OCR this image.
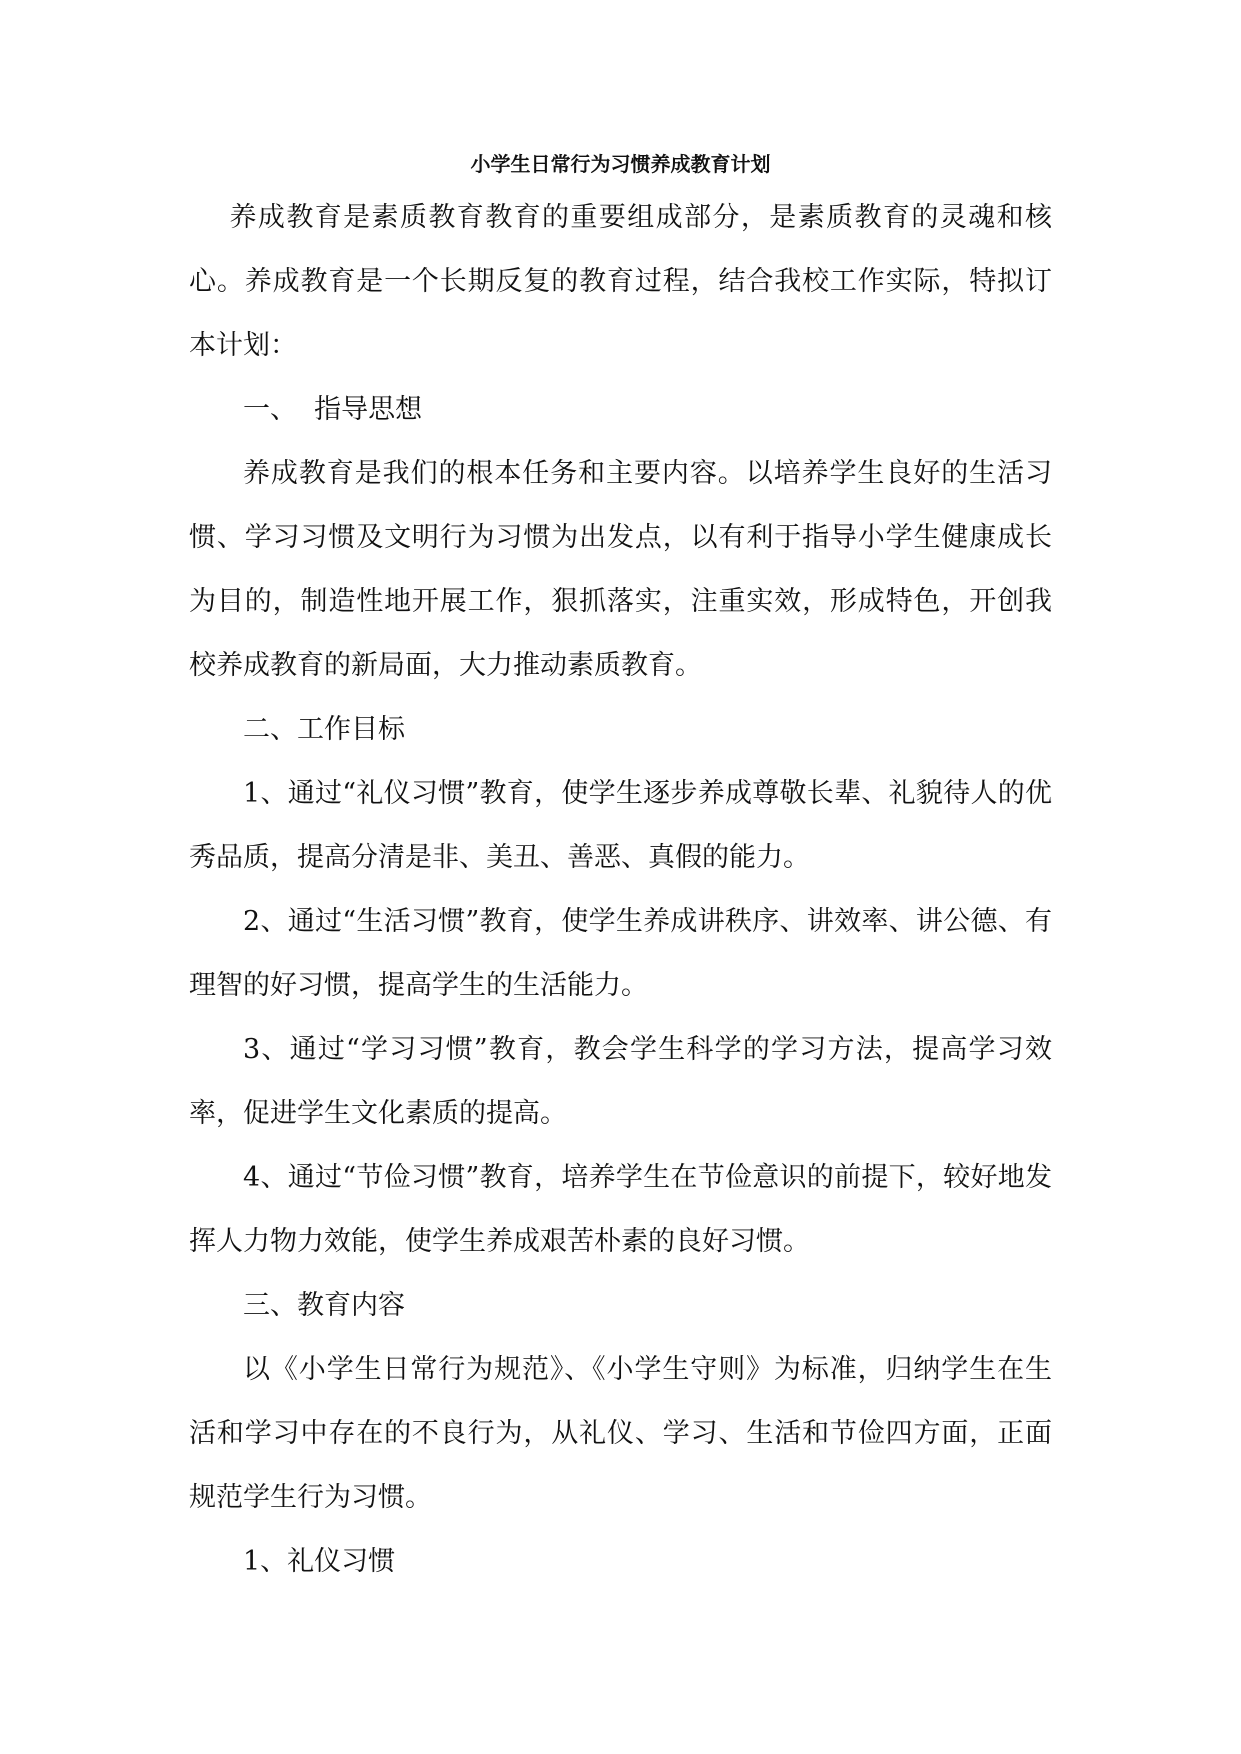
小学生日常行为习惯养成教育计划

养成教育是素质教育教育的重要组成部分，是素质教育的灵魂和核心。养成教育是一个长期反复的教育过程，结合我校工作实际，特拟订本计划：

一、  指导思想

养成教育是我们的根本任务和主要内容。以培养学生良好的生活习惯、学习习惯及文明行为习惯为出发点，以有利于指导小学生健康成长为目的，制造性地开展工作，狠抓落实，注重实效，形成特色，开创我校养成教育的新局面，大力推动素质教育。

二、工作目标

1、通过“礼仪习惯”教育，使学生逐步养成尊敬长辈、礼貌待人的优秀品质，提高分清是非、美丑、善恶、真假的能力。

2、通过“生活习惯”教育，使学生养成讲秩序、讲效率、讲公德、有理智的好习惯，提高学生的生活能力。

3、通过“学习习惯”教育，教会学生科学的学习方法，提高学习效率，促进学生文化素质的提高。

4、通过“节俭习惯”教育，培养学生在节俭意识的前提下，较好地发挥人力物力效能，使学生养成艰苦朴素的良好习惯。

三、教育内容

以《小学生日常行为规范》、《小学生守则》为标准，归纳学生在生活和学习中存在的不良行为，从礼仪、学习、生活和节俭四方面，正面规范学生行为习惯。

1、礼仪习惯
